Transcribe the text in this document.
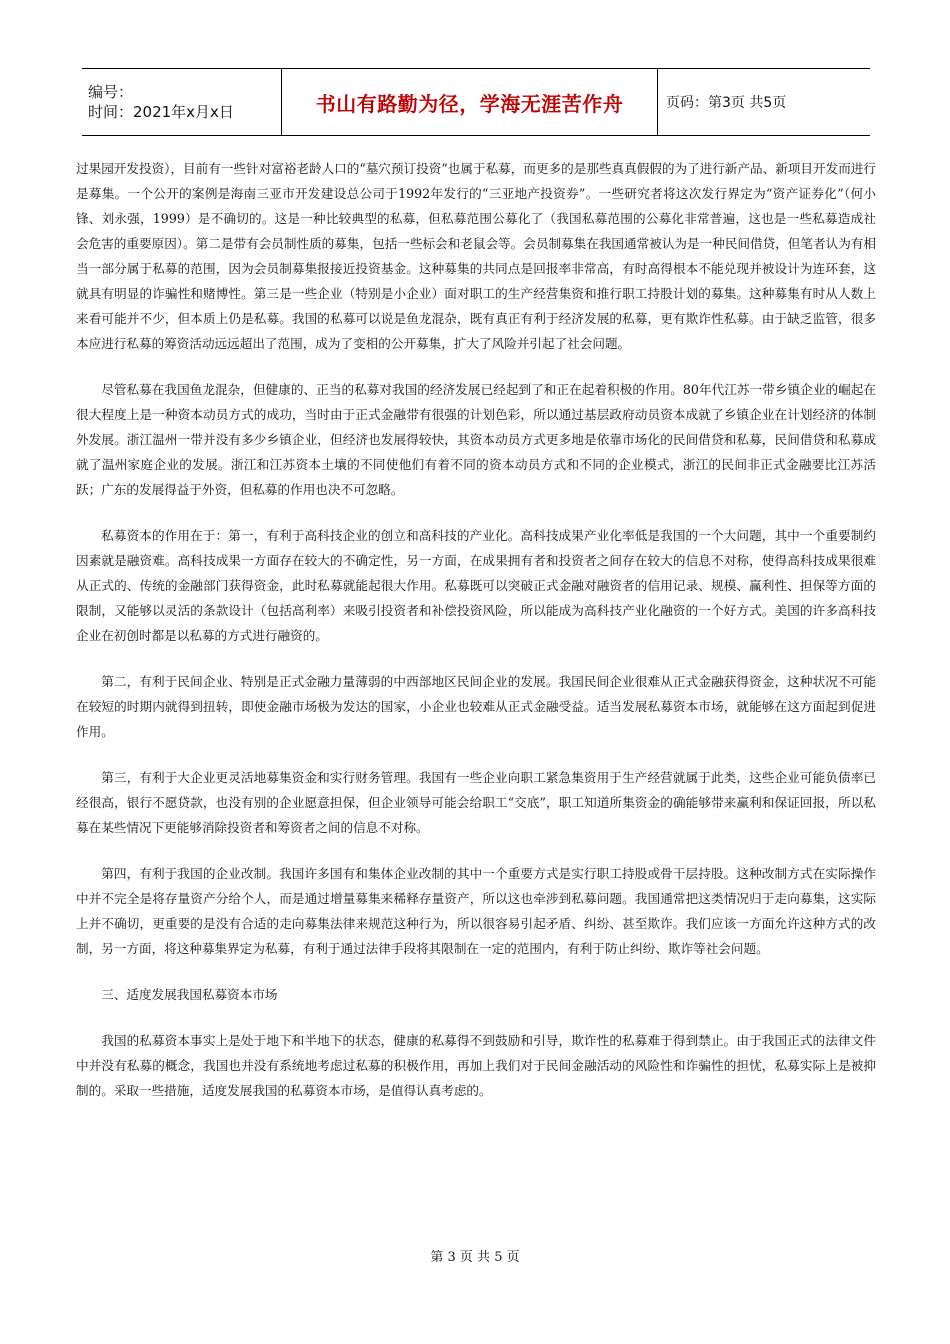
编号：
时间：2021年x月x日	书山有路勤为径，学海无涯苦作舟	页码：第3页 共5页

过果园开发投资），目前有一些针对富裕老龄人口的“墓穴预订投资”也属于私募，而更多的是那些真真假假的为了进行新产品、新项目开发而进行是募集。一个公开的案例是海南三亚市开发建设总公司于1992年发行的“三亚地产投资券”。一些研究者将这次发行界定为“资产证券化”（何小锋、刘永强，1999）是不确切的。这是一种比较典型的私募，但私募范围公募化了（我国私募范围的公募化非常普遍，这也是一些私募造成社会危害的重要原因）。第二是带有会员制性质的募集，包括一些标会和老鼠会等。会员制募集在我国通常被认为是一种民间借贷，但笔者认为有相当一部分属于私募的范围，因为会员制募集报接近投资基金。这种募集的共同点是回报率非常高，有时高得根本不能兑现并被设计为连环套，这就具有明显的诈骗性和赌博性。第三是一些企业（特别是小企业）面对职工的生产经营集资和推行职工持股计划的募集。这种募集有时从人数上来看可能并不少，但本质上仍是私募。我国的私募可以说是鱼龙混杂，既有真正有利于经济发展的私募，更有欺诈性私募。由于缺乏监管，很多本应进行私募的筹资活动远远超出了范围，成为了变相的公开募集，扩大了风险并引起了社会问题。

尽管私募在我国鱼龙混杂，但健康的、正当的私募对我国的经济发展已经起到了和正在起着积极的作用。80年代江苏一带乡镇企业的崛起在很大程度上是一种资本动员方式的成功，当时由于正式金融带有很强的计划色彩，所以通过基层政府动员资本成就了乡镇企业在计划经济的体制外发展。浙江温州一带并没有多少乡镇企业，但经济也发展得较快，其资本动员方式更多地是依靠市场化的民间借贷和私募，民间借贷和私募成就了温州家庭企业的发展。浙江和江苏资本土壤的不同使他们有着不同的资本动员方式和不同的企业模式，浙江的民间非正式金融要比江苏活跃；广东的发展得益于外资，但私募的作用也决不可忽略。

私募资本的作用在于：第一，有利于高科技企业的创立和高科技的产业化。高科技成果产业化率低是我国的一个大问题，其中一个重要制约因素就是融资难。高科技成果一方面存在较大的不确定性，另一方面，在成果拥有者和投资者之间存在较大的信息不对称，使得高科技成果很难从正式的、传统的金融部门获得资金，此时私募就能起很大作用。私募既可以突破正式金融对融资者的信用记录、规模、赢利性、担保等方面的限制，又能够以灵活的条款设计（包括高利率）来吸引投资者和补偿投资风险，所以能成为高科技产业化融资的一个好方式。美国的许多高科技企业在初创时都是以私募的方式进行融资的。

第二，有利于民间企业、特别是正式金融力量薄弱的中西部地区民间企业的发展。我国民间企业很难从正式金融获得资金，这种状况不可能在较短的时期内就得到扭转，即使金融市场极为发达的国家，小企业也较难从正式金融受益。适当发展私募资本市场，就能够在这方面起到促进作用。

第三，有利于大企业更灵活地募集资金和实行财务管理。我国有一些企业向职工紧急集资用于生产经营就属于此类，这些企业可能负债率已经很高，银行不愿贷款，也没有别的企业愿意担保，但企业领导可能会给职工“交底”，职工知道所集资金的确能够带来赢利和保证回报，所以私募在某些情况下更能够消除投资者和筹资者之间的信息不对称。

第四，有利于我国的企业改制。我国许多国有和集体企业改制的其中一个重要方式是实行职工持股或骨干层持股。这种改制方式在实际操作中并不完全是将存量资产分给个人，而是通过增量募集来稀释存量资产，所以这也牵涉到私募问题。我国通常把这类情况归于走向募集，这实际上并不确切，更重要的是没有合适的走向募集法律来规范这种行为，所以很容易引起矛盾、纠纷、甚至欺诈。我们应该一方面允许这种方式的改制，另一方面，将这种募集界定为私募，有利于通过法律手段将其限制在一定的范围内，有利于防止纠纷、欺诈等社会问题。

三、适度发展我国私募资本市场

我国的私募资本事实上是处于地下和半地下的状态，健康的私募得不到鼓励和引导，欺诈性的私募难于得到禁止。由于我国正式的法律文件中并没有私募的概念，我国也并没有系统地考虑过私募的积极作用，再加上我们对于民间金融活动的风险性和诈骗性的担忧，私募实际上是被抑制的。采取一些措施，适度发展我国的私募资本市场，是值得认真考虑的。

第 3 页 共 5 页
